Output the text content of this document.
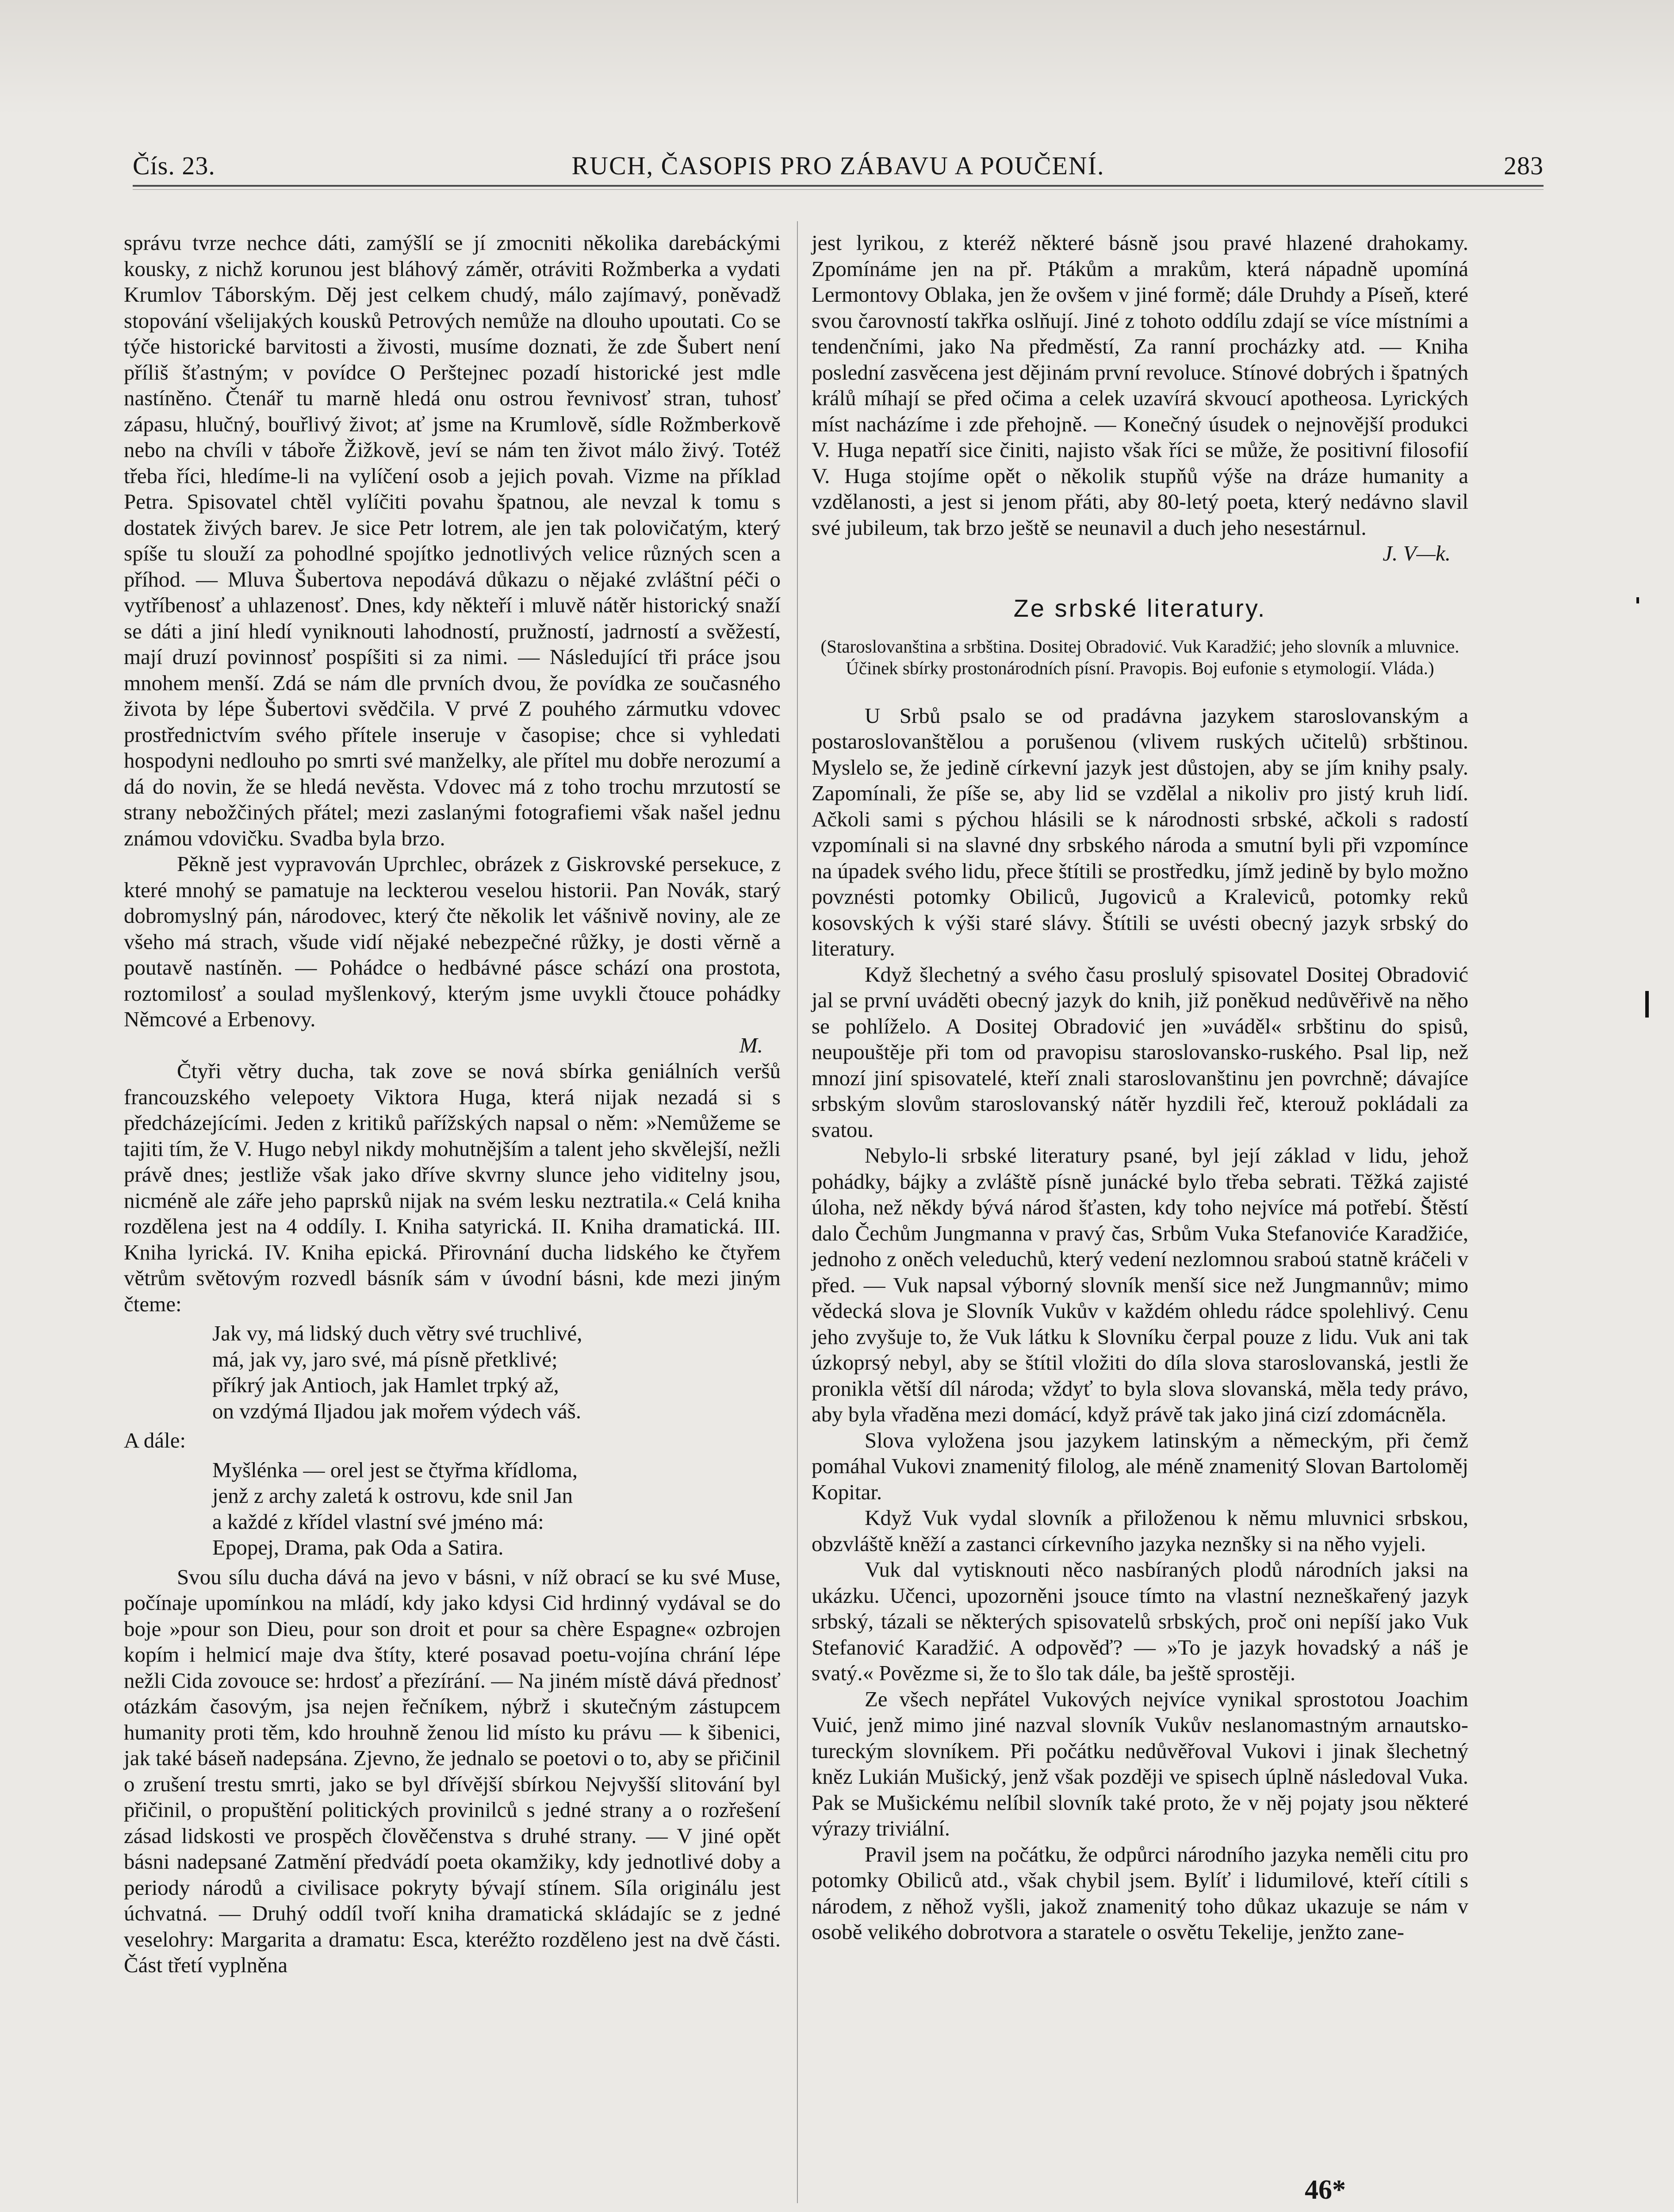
Čís. 23.	RUCH, ČASOPIS PRO ZÁBAVU A POUČENÍ.	283

správu tvrze nechce dáti, zamýšlí se jí zmocniti několika darebáckými kousky, z nichž korunou jest bláhový záměr, otráviti Rožmberka a vydati Krumlov Táborským. Děj jest celkem chudý, málo zajímavý, poněvadž stopování všelijakých kousků Petrových nemůže na dlouho upoutati. Co se týče historické barvitosti a živosti, musíme doznati, že zde Šubert není příliš šťastným; v povídce O Perštejnec pozadí historické jest mdle nastíněno. Čtenář tu marně hledá onu ostrou řevnivosť stran, tuhosť zápasu, hlučný, bouřlivý život; ať jsme na Krumlově, sídle Rožmberkově nebo na chvíli v táboře Žižkově, jeví se nám ten život málo živý. Totéž třeba říci, hledíme-li na vylíčení osob a jejich povah. Vizme na příklad Petra. Spisovatel chtěl vylíčiti povahu špatnou, ale nevzal k tomu s dostatek živých barev. Je sice Petr lotrem, ale jen tak polovičatým, který spíše tu slouží za pohodlné spojítko jednotlivých velice různých scen a příhod. — Mluva Šubertova nepodává důkazu o nějaké zvláštní péči o vytříbenosť a uhlazenosť. Dnes, kdy někteří i mluvě nátěr historický snaží se dáti a jiní hledí vyniknouti lahodností, pružností, jadrností a svěžestí, mají druzí povinnosť pospíšiti si za nimi. — Následující tři práce jsou mnohem menší. Zdá se nám dle prvních dvou, že povídka ze současného života by lépe Šubertovi svědčila. V prvé Z pouhého zármutku vdovec prostřednictvím svého přítele inseruje v časopise; chce si vyhledati hospodyni nedlouho po smrti své manželky, ale přítel mu dobře nerozumí a dá do novin, že se hledá nevěsta. Vdovec má z toho trochu mrzutostí se strany nebožčiných přátel; mezi zaslanými fotografiemi však našel jednu známou vdovičku. Svadba byla brzo.

Pěkně jest vypravován Uprchlec, obrázek z Giskrovské persekuce, z které mnohý se pamatuje na leckterou veselou historii. Pan Novák, starý dobromyslný pán, národovec, který čte několik let vášnivě noviny, ale ze všeho má strach, všude vidí nějaké nebezpečné růžky, je dosti věrně a poutavě nastíněn. — Pohádce o hedbávné pásce schází ona prostota, roztomilosť a soulad myšlenkový, kterým jsme uvykli čtouce pohádky Němcové a Erbenovy.
M.

Čtyři větry ducha, tak zove se nová sbírka geniálních veršů francouzského velepoety Viktora Huga, která nijak nezadá si s předcházejícími. Jeden z kritiků pařížských napsal o něm: »Nemůžeme se tajiti tím, že V. Hugo nebyl nikdy mohutnějším a talent jeho skvělejší, nežli právě dnes; jestliže však jako dříve skvrny slunce jeho viditelny jsou, nicméně ale záře jeho paprsků nijak na svém lesku neztratila.« Celá kniha rozdělena jest na 4 oddíly. I. Kniha satyrická. II. Kniha dramatická. III. Kniha lyrická. IV. Kniha epická. Přirovnání ducha lidského ke čtyřem větrům světovým rozvedl básník sám v úvodní básni, kde mezi jiným čteme:

Jak vy, má lidský duch větry své truchlivé,
má, jak vy, jaro své, má písně přetklivé;
příkrý jak Antioch, jak Hamlet trpký až,
on vzdýmá Iljadou jak mořem výdech váš.

A dále:

Myšlénka — orel jest se čtyřma křídloma,
jenž z archy zaletá k ostrovu, kde snil Jan
a každé z křídel vlastní své jméno má:
Epopej, Drama, pak Oda a Satira.

Svou sílu ducha dává na jevo v básni, v níž obrací se ku své Muse, počínaje upomínkou na mládí, kdy jako kdysi Cid hrdinný vydával se do boje »pour son Dieu, pour son droit et pour sa chère Espagne« ozbrojen kopím i helmicí maje dva štíty, které posavad poetu-vojína chrání lépe nežli Cida zovouce se: hrdosť a přezírání. — Na jiném místě dává přednosť otázkám časovým, jsa nejen řečníkem, nýbrž i skutečným zástupcem humanity proti těm, kdo hrouhně ženou lid místo ku právu — k šibenici, jak také báseň nadepsána. Zjevno, že jednalo se poetovi o to, aby se přičinil o zrušení trestu smrti, jako se byl dřívější sbírkou Nejvyšší slitování byl přičinil, o propuštění politických provinilců s jedné strany a o rozřešení zásad lidskosti ve prospěch člověčenstva s druhé strany. — V jiné opět básni nadepsané Zatmění předvádí poeta okamžiky, kdy jednotlivé doby a periody národů a civilisace pokryty bývají stínem. Síla originálu jest úchvatná. — Druhý oddíl tvoří kniha dramatická skládajíc se z jedné veselohry: Margarita a dramatu: Esca, kteréžto rozděleno jest na dvě části. Část třetí vyplněna

jest lyrikou, z kteréž některé básně jsou pravé hlazené drahokamy. Zpomínáme jen na př. Ptákům a mrakům, která nápadně upomíná Lermontovy Oblaka, jen že ovšem v jiné formě; dále Druhdy a Píseň, které svou čarovností takřka oslňují. Jiné z tohoto oddílu zdají se více místními a tendenčními, jako Na předměstí, Za ranní procházky atd. — Kniha poslední zasvěcena jest dějinám první revoluce. Stínové dobrých i špatných králů míhají se před očima a celek uzavírá skvoucí apotheosa. Lyrických míst nacházíme i zde přehojně. — Konečný úsudek o nejnovější produkci V. Huga nepatří sice činiti, najisto však říci se může, že positivní filosofií V. Huga stojíme opět o několik stupňů výše na dráze humanity a vzdělanosti, a jest si jenom přáti, aby 80-letý poeta, který nedávno slavil své jubileum, tak brzo ještě se neunavil a duch jeho nesestárnul.
J. V—k.

Ze srbské literatury.
(Staroslovanština a srbština. Dositej Obradović. Vuk Karadžić; jeho slovník a mluvnice. Účinek sbírky prostonárodních písní. Pravopis. Boj eufonie s etymologií. Vláda.)

U Srbů psalo se od pradávna jazykem staroslovanským a postaroslovanštělou a porušenou (vlivem ruských učitelů) srbštinou. Myslelo se, že jedině církevní jazyk jest důstojen, aby se jím knihy psaly. Zapomínali, že píše se, aby lid se vzdělal a nikoliv pro jistý kruh lidí. Ačkoli sami s pýchou hlásili se k národnosti srbské, ačkoli s radostí vzpomínali si na slavné dny srbského národa a smutní byli při vzpomínce na úpadek svého lidu, přece štítili se prostředku, jímž jedině by bylo možno povznésti potomky Obiliců, Jugoviců a Kraleviců, potomky reků kosovských k výši staré slávy. Štítili se uvésti obecný jazyk srbský do literatury.

Když šlechetný a svého času proslulý spisovatel Dositej Obradović jal se první uváděti obecný jazyk do knih, již poněkud nedůvěřivě na něho se pohlíželo. A Dositej Obradović jen »uváděl« srbštinu do spisů, neupouštěje při tom od pravopisu staroslovansko-ruského. Psal lip, než mnozí jiní spisovatelé, kteří znali staroslovanštinu jen povrchně; dávajíce srbským slovům staroslovanský nátěr hyzdili řeč, kterouž pokládali za svatou.

Nebylo-li srbské literatury psané, byl její základ v lidu, jehož pohádky, bájky a zvláště písně junácké bylo třeba sebrati. Těžká zajisté úloha, než někdy bývá národ šťasten, kdy toho nejvíce má potřebí. Štěstí dalo Čechům Jungmanna v pravý čas, Srbům Vuka Stefanoviće Karadžiće, jednoho z oněch veleduchů, který vedení nezlomnou sraboú statně kráčeli v před. — Vuk napsal výborný slovník menší sice než Jungmannův; mimo vědecká slova je Slovník Vukův v každém ohledu rádce spolehlivý. Cenu jeho zvyšuje to, že Vuk látku k Slovníku čerpal pouze z lidu. Vuk ani tak úzkoprsý nebyl, aby se štítil vložiti do díla slova staroslovanská, jestli že pronikla větší díl národa; vždyť to byla slova slovanská, měla tedy právo, aby byla vřaděna mezi domácí, když právě tak jako jiná cizí zdomácněla.

Slova vyložena jsou jazykem latinským a německým, při čemž pomáhal Vukovi znamenitý filolog, ale méně znamenitý Slovan Bartoloměj Kopitar.

Když Vuk vydal slovník a přiloženou k němu mluvnici srbskou, obzvláště kněží a zastanci církevního jazyka neznšky si na něho vyjeli.

Vuk dal vytisknouti něco nasbíraných plodů národních jaksi na ukázku. Učenci, upozorněni jsouce tímto na vlastní nezneškařený jazyk srbský, tázali se některých spisovatelů srbských, proč oni nepíší jako Vuk Stefanović Karadžić. A odpověď? — »To je jazyk hovadský a náš je svatý.« Povězme si, že to šlo tak dále, ba ještě sprostěji.

Ze všech nepřátel Vukových nejvíce vynikal sprostotou Joachim Vuić, jenž mimo jiné nazval slovník Vukův neslanomastným arnautsko-tureckým slovníkem. Při počátku nedůvěřoval Vukovi i jinak šlechetný kněz Lukián Mušický, jenž však později ve spisech úplně následoval Vuka. Pak se Mušickému nelíbil slovník také proto, že v něj pojaty jsou některé výrazy triviální.

Pravil jsem na počátku, že odpůrci národního jazyka neměli citu pro potomky Obiliců atd., však chybil jsem. Bylíť i lidumilové, kteří cítili s národem, z něhož vyšli, jakož znamenitý toho důkaz ukazuje se nám v osobě velikého dobrotvora a staratele o osvětu Tekelije, jenžto zane-

46*
